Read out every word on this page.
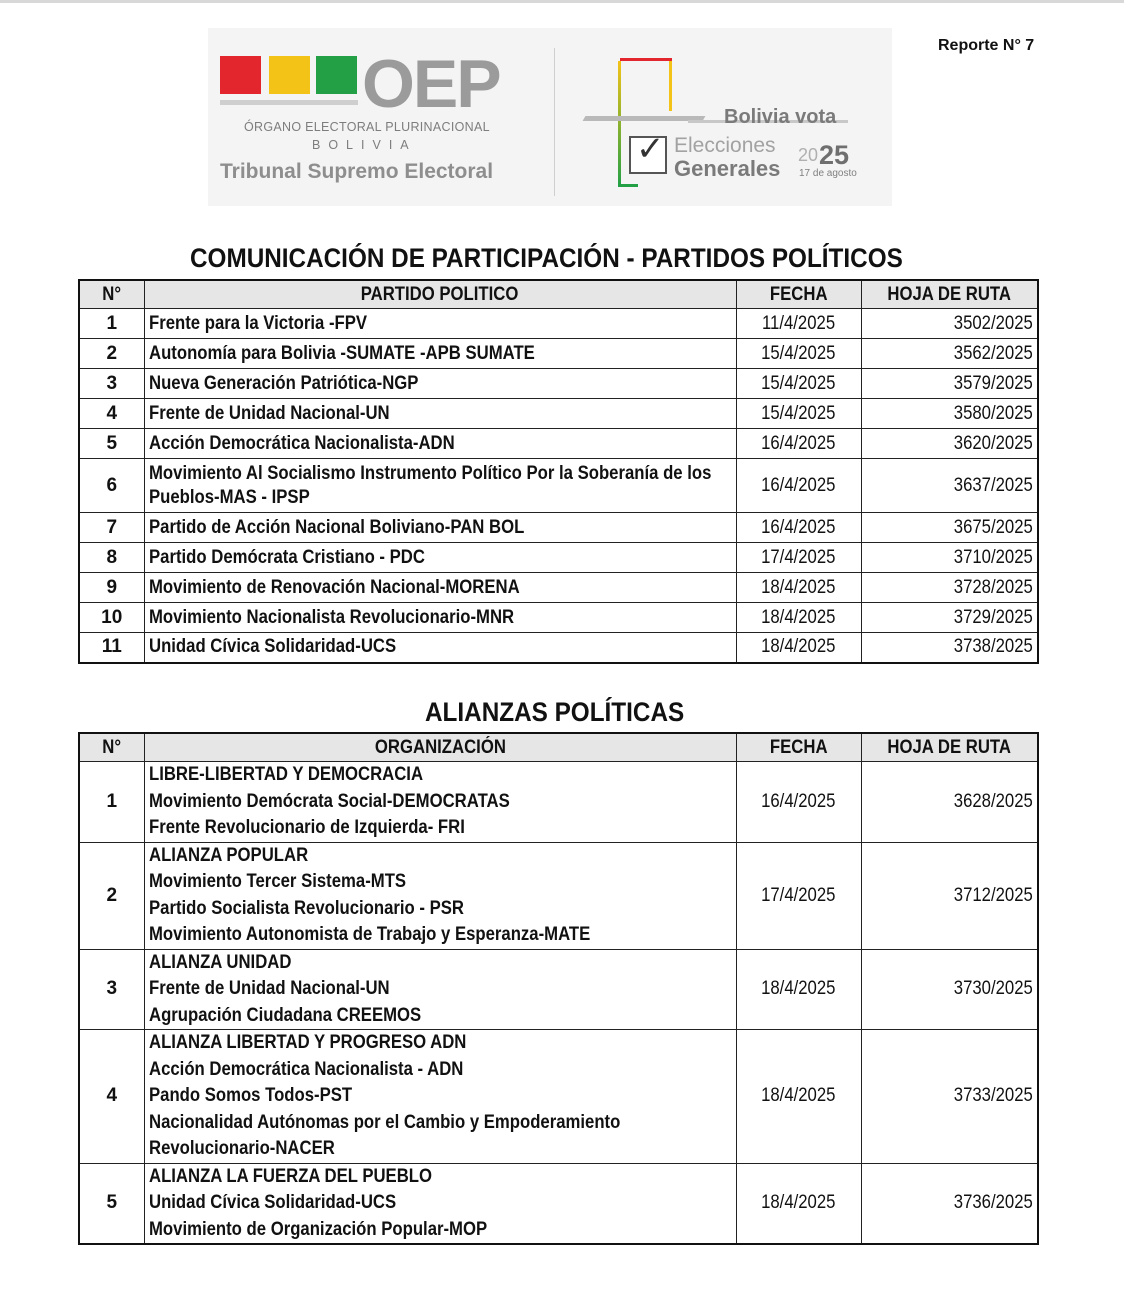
OEP
ÓRGANO ELECTORAL PLURINACIONAL
BOLIVIA
Tribunal Supremo Electoral
✓
Bolivia vota
Elecciones
Generales
20 25
17 de agosto
Reporte N° 7
COMUNICACIÓN DE PARTICIPACIÓN - PARTIDOS POLÍTICOS
N°	PARTIDO POLITICO	FECHA	HOJA DE RUTA
1	Frente para la Victoria -FPV	11/4/2025	3502/2025
2	Autonomía para Bolivia -SUMATE -APB SUMATE	15/4/2025	3562/2025
3	Nueva Generación Patriótica-NGP	15/4/2025	3579/2025
4	Frente de Unidad Nacional-UN	15/4/2025	3580/2025
5	Acción Democrática Nacionalista-ADN	16/4/2025	3620/2025
6	Movimiento Al Socialismo Instrumento Político Por la Soberanía de los
Pueblos-MAS - IPSP	16/4/2025	3637/2025
7	Partido de Acción Nacional Boliviano-PAN BOL	16/4/2025	3675/2025
8	Partido Demócrata Cristiano - PDC	17/4/2025	3710/2025
9	Movimiento de Renovación Nacional-MORENA	18/4/2025	3728/2025
10	Movimiento Nacionalista Revolucionario-MNR	18/4/2025	3729/2025
11	Unidad Cívica Solidaridad-UCS	18/4/2025	3738/2025
ALIANZAS POLÍTICAS
N°	ORGANIZACIÓN	FECHA	HOJA DE RUTA
1	LIBRE-LIBERTAD Y DEMOCRACIA
Movimiento Demócrata Social-DEMOCRATAS
Frente Revolucionario de Izquierda- FRI	16/4/2025	3628/2025
2	ALIANZA POPULAR
Movimiento Tercer Sistema-MTS
Partido Socialista Revolucionario - PSR
Movimiento Autonomista de Trabajo y Esperanza-MATE	17/4/2025	3712/2025
3	ALIANZA UNIDAD
Frente de Unidad Nacional-UN
Agrupación Ciudadana CREEMOS	18/4/2025	3730/2025
4	ALIANZA LIBERTAD Y PROGRESO ADN
Acción Democrática Nacionalista - ADN
Pando Somos Todos-PST
Nacionalidad Autónomas por el Cambio y Empoderamiento
Revolucionario-NACER	18/4/2025	3733/2025
5	ALIANZA LA FUERZA DEL PUEBLO
Unidad Cívica Solidaridad-UCS
Movimiento de Organización Popular-MOP	18/4/2025	3736/2025
